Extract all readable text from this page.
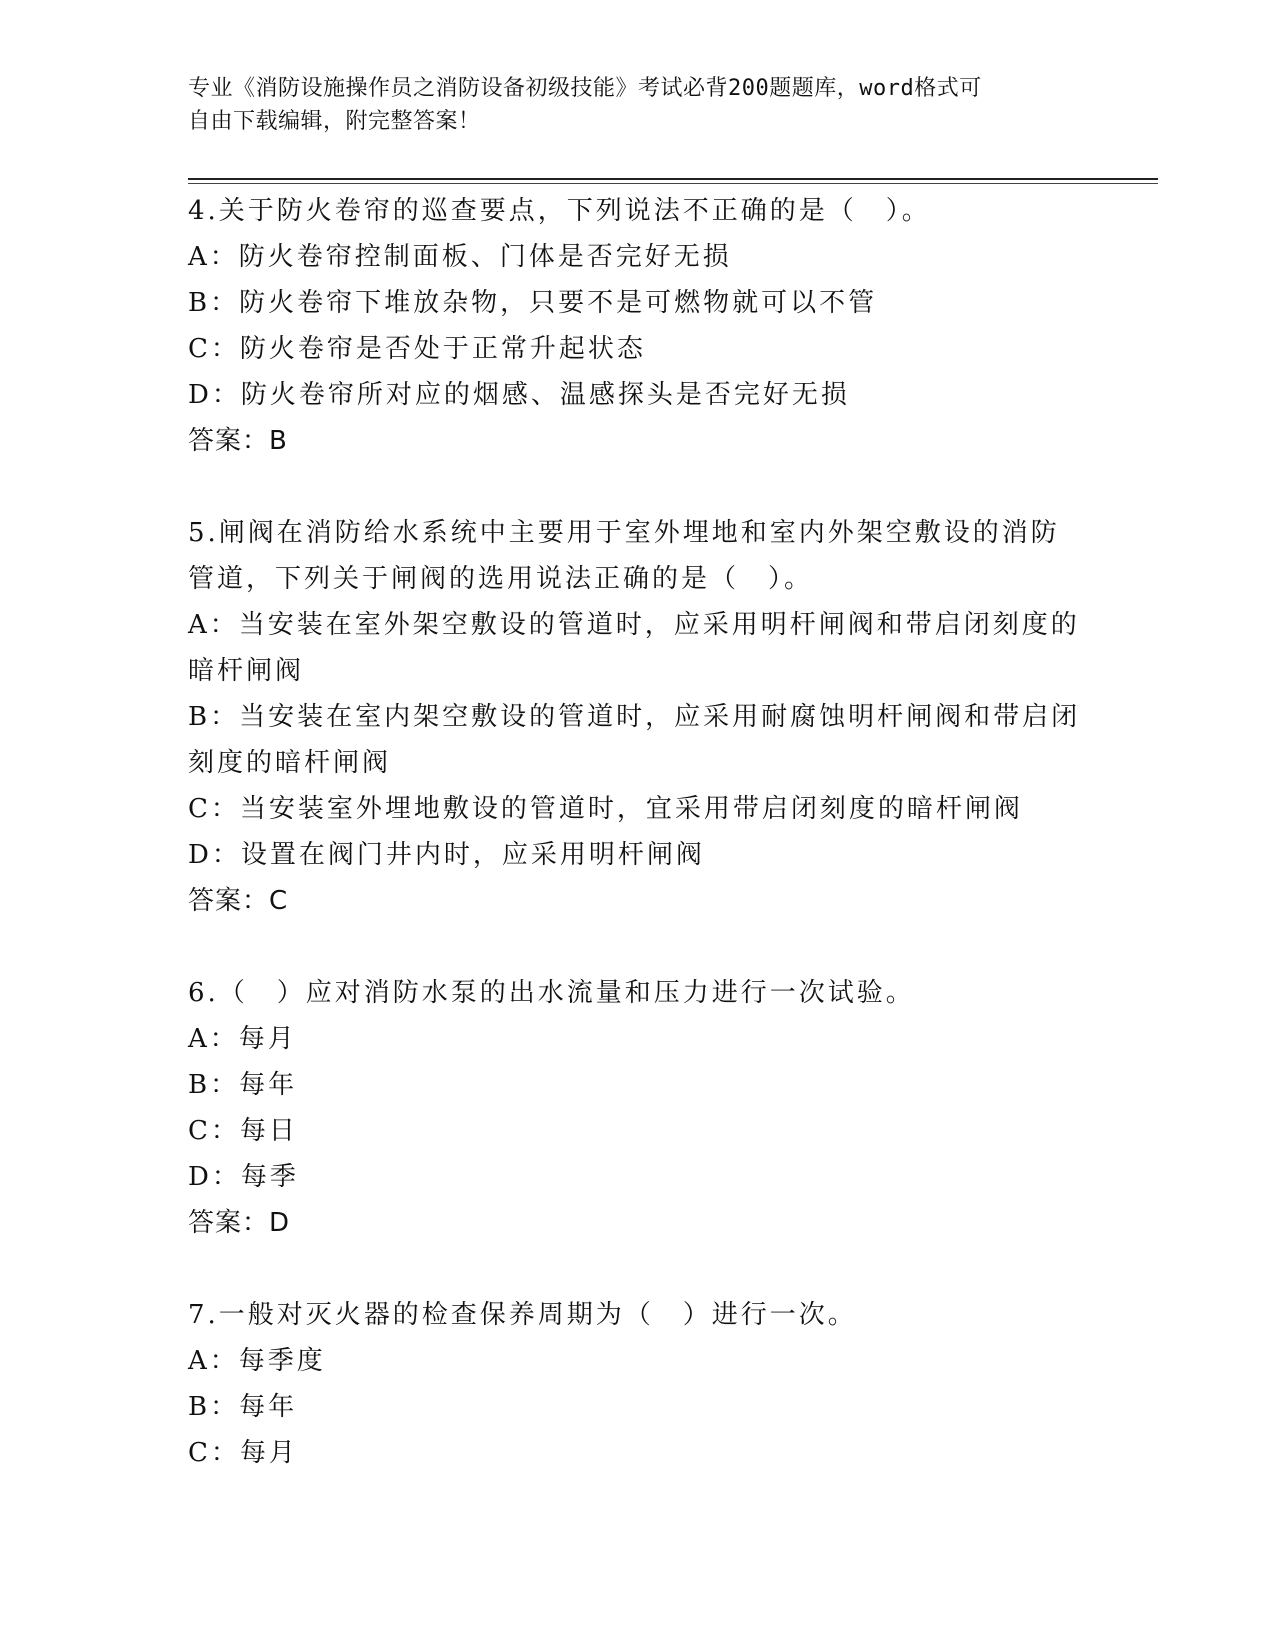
专业《消防设施操作员之消防设备初级技能》考试必背200题题库，word格式可
自由下载编辑，附完整答案！
4.关于防火卷帘的巡查要点，下列说法不正确的是（　）。
A：防火卷帘控制面板、门体是否完好无损
B：防火卷帘下堆放杂物，只要不是可燃物就可以不管
C：防火卷帘是否处于正常升起状态
D：防火卷帘所对应的烟感、温感探头是否完好无损
答案：B
5.闸阀在消防给水系统中主要用于室外埋地和室内外架空敷设的消防
管道，下列关于闸阀的选用说法正确的是（　）。
A：当安装在室外架空敷设的管道时，应采用明杆闸阀和带启闭刻度的
暗杆闸阀
B：当安装在室内架空敷设的管道时，应采用耐腐蚀明杆闸阀和带启闭
刻度的暗杆闸阀
C：当安装室外埋地敷设的管道时，宜采用带启闭刻度的暗杆闸阀
D：设置在阀门井内时，应采用明杆闸阀
答案：C
6.（　）应对消防水泵的出水流量和压力进行一次试验。
A：每月
B：每年
C：每日
D：每季
答案：D
7.一般对灭火器的检查保养周期为（　）进行一次。
A：每季度
B：每年
C：每月
